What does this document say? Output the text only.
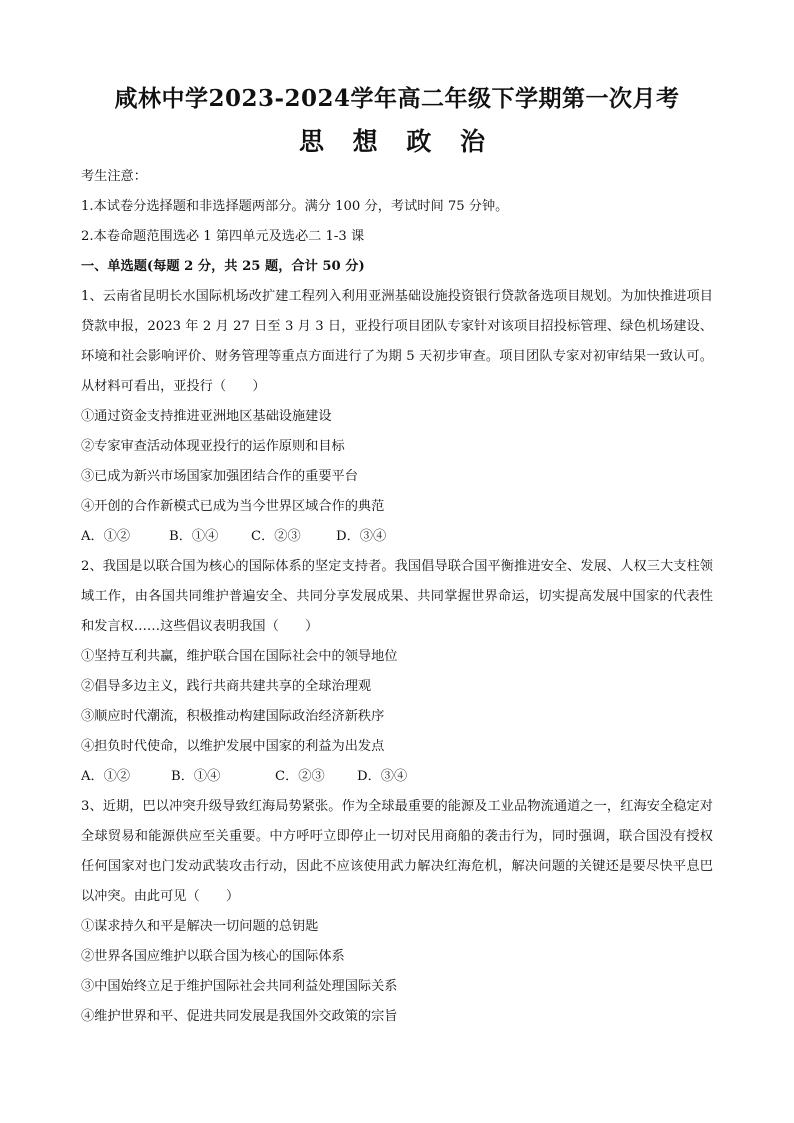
咸林中学2023-2024学年高二年级下学期第一次月考
思 想 政 治
考生注意：
1.本试卷分选择题和非选择题两部分。满分 100 分，考试时间 75 分钟。
2.本卷命题范围选必 1 第四单元及选必二 1-3 课
一、单选题(每题 2 分，共 25 题，合计 50 分)
1、云南省昆明长水国际机场改扩建工程列入利用亚洲基础设施投资银行贷款备选项目规划。为加快推进项目贷款申报，2023 年 2 月 27 日至 3 月 3 日，亚投行项目团队专家针对该项目招投标管理、绿色机场建设、环境和社会影响评价、财务管理等重点方面进行了为期 5 天初步审查。项目团队专家对初审结果一致认可。从材料可看出，亚投行（　　）
①通过资金支持推进亚洲地区基础设施建设
②专家审查活动体现亚投行的运作原则和目标
③已成为新兴市场国家加强团结合作的重要平台
④开创的合作新模式已成为当今世界区域合作的典范
A．①②	B．①④ C．②③	D．③④
2、我国是以联合国为核心的国际体系的坚定支持者。我国倡导联合国平衡推进安全、发展、人权三大支柱领域工作，由各国共同维护普遍安全、共同分享发展成果、共同掌握世界命运，切实提高发展中国家的代表性和发言权……这些倡议表明我国（　　）
①坚持互利共赢，维护联合国在国际社会中的领导地位
②倡导多边主义，践行共商共建共享的全球治理观
③顺应时代潮流，积极推动构建国际政治经济新秩序
④担负时代使命，以维护发展中国家的利益为出发点
A．①②	B．①④	C．②③ D．③④
3、近期，巴以冲突升级导致红海局势紧张。作为全球最重要的能源及工业品物流通道之一，红海安全稳定对全球贸易和能源供应至关重要。中方呼吁立即停止一切对民用商船的袭击行为，同时强调，联合国没有授权任何国家对也门发动武装攻击行动，因此不应该使用武力解决红海危机，解决问题的关键还是要尽快平息巴以冲突。由此可见（　　）
①谋求持久和平是解决一切问题的总钥匙
②世界各国应维护以联合国为核心的国际体系
③中国始终立足于维护国际社会共同利益处理国际关系
④维护世界和平、促进共同发展是我国外交政策的宗旨
